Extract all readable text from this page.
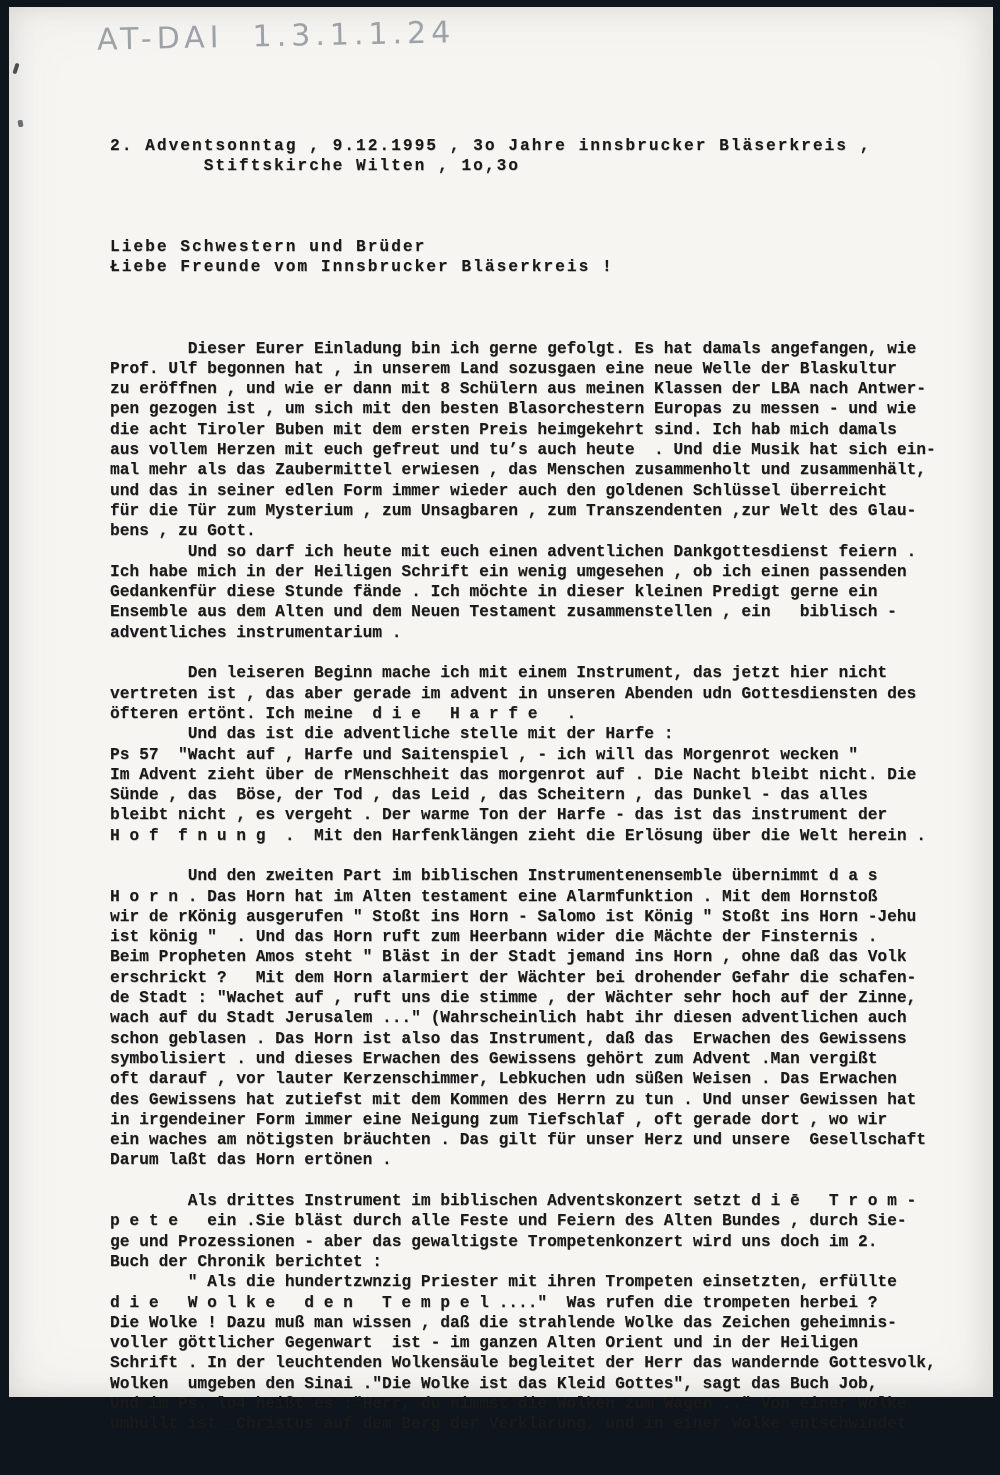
AT-DAI  1.3.1.1.24

2. Adventsonntag , 9.12.1995 , 3o Jahre innsbrucker Bläserkreis ,
Stiftskirche Wilten , 1o,3o

Liebe Schwestern und Brüder
Łiebe Freunde vom Innsbrucker Bläserkreis !

Dieser Eurer Einladung bin ich gerne gefolgt. Es hat damals angefangen, wie
Prof. Ulf begonnen hat , in unserem Land sozusgaen eine neue Welle der Blaskultur
zu eröffnen , und wie er dann mit 8 Schülern aus meinen Klassen der LBA nach Antwer-
pen gezogen ist , um sich mit den besten Blasorchestern Europas zu messen - und wie
die acht Tiroler Buben mit dem ersten Preis heimgekehrt sind. Ich hab mich damals
aus vollem Herzen mit euch gefreut und tu’s auch heute  . Und die Musik hat sich ein-
mal mehr als das Zaubermittel erwiesen , das Menschen zusammenholt und zusammenhält,
und das in seiner edlen Form immer wieder auch den goldenen Schlüssel überreicht
für die Tür zum Mysterium , zum Unsagbaren , zum Transzendenten ,zur Welt des Glau-
bens , zu Gott.
Und so darf ich heute mit euch einen adventlichen Dankgottesdienst feiern .
Ich habe mich in der Heiligen Schrift ein wenig umgesehen , ob ich einen passenden
Gedankenfür diese Stunde fände . Ich möchte in dieser kleinen Predigt gerne ein
Ensemble aus dem Alten und dem Neuen Testament zusammenstellen , ein   biblisch -
adventliches instrumentarium .
Den leiseren Beginn mache ich mit einem Instrument, das jetzt hier nicht
vertreten ist , das aber gerade im advent in unseren Abenden udn Gottesdiensten des
öfteren ertönt. Ich meine  d i e   H a r f e   .
Und das ist die adventliche stelle mit der Harfe :
Ps 57  "Wacht auf , Harfe und Saitenspiel , - ich will das Morgenrot wecken "
Im Advent zieht über de rMenschheit das morgenrot auf . Die Nacht bleibt nicht. Die
Sünde , das  Böse, der Tod , das Leid , das Scheitern , das Dunkel - das alles
bleibt nicht , es vergeht . Der warme Ton der Harfe - das ist das instrument der
H o f  f n u n g  .  Mit den Harfenklängen zieht die Erlösung über die Welt herein .
Und den zweiten Part im biblischen Instrumentenensemble übernimmt d a s
H o r n . Das Horn hat im Alten testament eine Alarmfunktion . Mit dem Hornstoß
wir de rKönig ausgerufen " Stoßt ins Horn - Salomo ist König " Stoßt ins Horn -Jehu
ist könig "  . Und das Horn ruft zum Heerbann wider die Mächte der Finsternis .
Beim Propheten Amos steht " Bläst in der Stadt jemand ins Horn , ohne daß das Volk
erschrickt ?   Mit dem Horn alarmiert der Wächter bei drohender Gefahr die schafen-
de Stadt : "Wachet auf , ruft uns die stimme , der Wächter sehr hoch auf der Zinne,
wach auf du Stadt Jerusalem ..." (Wahrscheinlich habt ihr diesen adventlichen auch
schon geblasen . Das Horn ist also das Instrument, daß das  Erwachen des Gewissens
symbolisiert . und dieses Erwachen des Gewissens gehört zum Advent .Man vergißt
oft darauf , vor lauter Kerzenschimmer, Lebkuchen udn süßen Weisen . Das Erwachen
des Gewissens hat zutiefst mit dem Kommen des Herrn zu tun . Und unser Gewissen hat
in irgendeiner Form immer eine Neigung zum Tiefschlaf , oft gerade dort , wo wir
ein waches am nötigsten bräuchten . Das gilt für unser Herz und unsere  Gesellschaft
Darum laßt das Horn ertönen .
Als drittes Instrument im biblischen Adventskonzert setzt d i ē   T r o m -
p e t e   ein .Sie bläst durch alle Feste und Feiern des Alten Bundes , durch Sie-
ge und Prozessionen - aber das gewaltigste Trompetenkonzert wird uns doch im 2.
Buch der Chronik berichtet :
" Als die hundertzwnzig Priester mit ihren Trompeten einsetzten, erfüllte
d i e   W o l k e   d e n   T e m p e l ...."  Was rufen die trompeten herbei ?
Die Wolke ! Dazu muß man wissen , daß die strahlende Wolke das Zeichen geheimnis-
voller göttlicher Gegenwart  ist - im ganzen Alten Orient und in der Heiligen
Schrift . In der leuchtenden Wolkensäule begleitet der Herr das wandernde Gottesvolk,
Wolken  umgeben den Sinai ."Die Wolke ist das Kleid Gottes", sagt das Buch Job,
Und im Ps. lo4 heißt es :"Herr, du nimmst die Wolken zum Wagen .." Von einer Wolke
umhüllt ist _Christus auf dem Berg der Verklärung, und in einer Wolke entschwindet
